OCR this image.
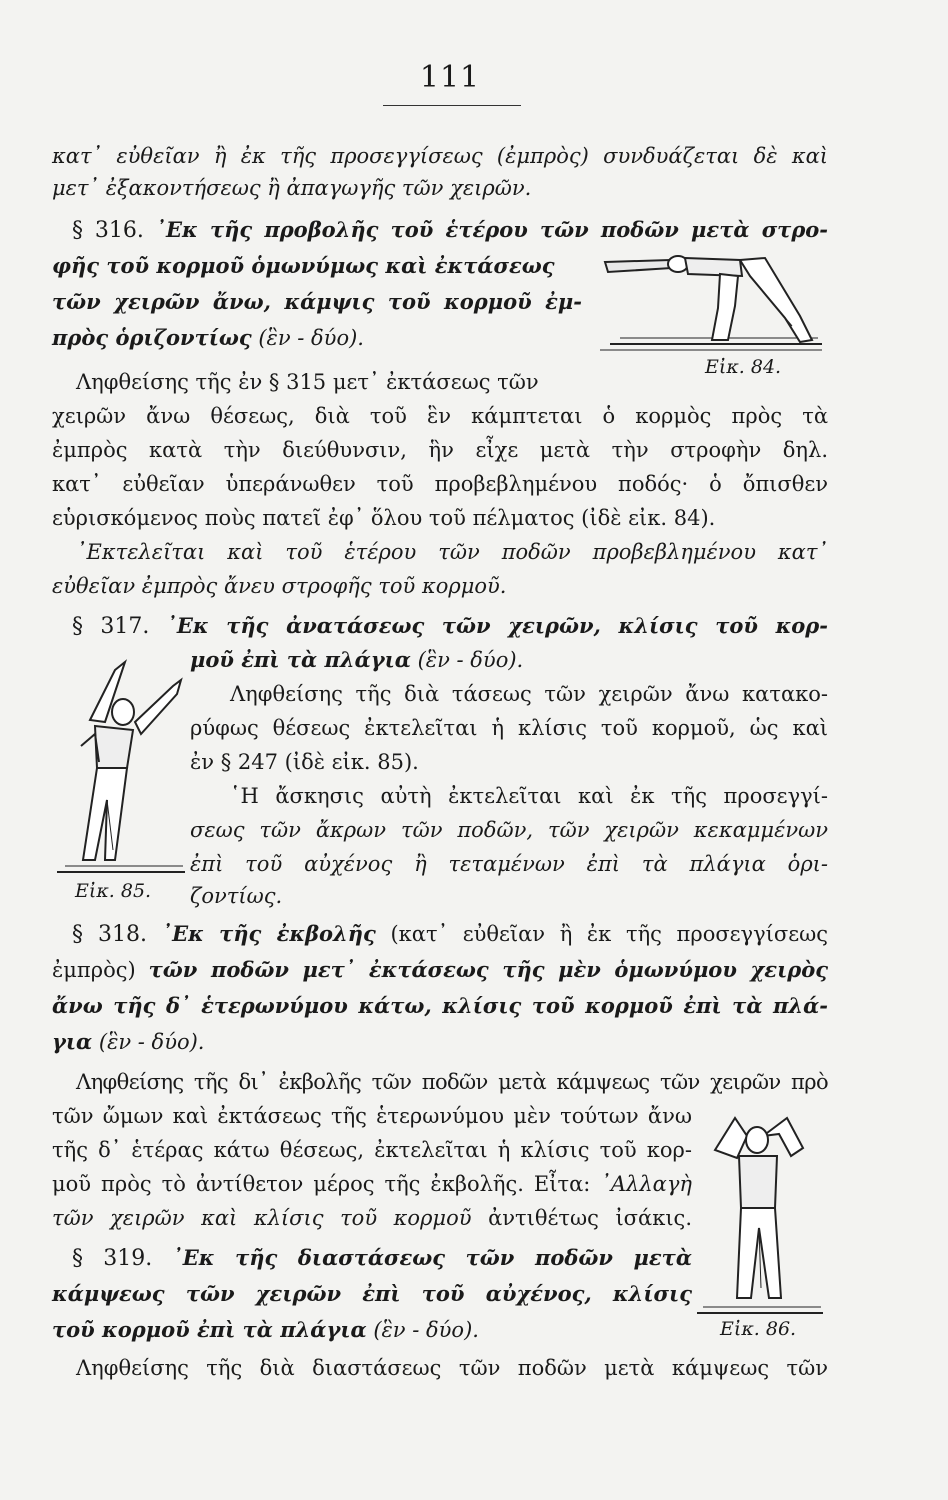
111
κατ᾽ εὐθεῖαν ἢ ἐκ τῆς προσεγγίσεως (ἐμπρὸς) συνδυάζεται δὲ καὶ
μετ᾽ ἐξακοντήσεως ἢ ἀπαγωγῆς τῶν χειρῶν.
§ 316. ᾿Εκ τῆς προβολῆς τοῦ ἑτέρου τῶν ποδῶν μετὰ στρο-
φῆς τοῦ κορμοῦ ὁμωνύμως καὶ ἐκτάσεως
τῶν χειρῶν ἄνω, κάμψις τοῦ κορμοῦ ἐμ-
πρὸς ὁριζοντίως (ἓν - δύο).
Εἰκ. 84.
Ληφθείσης τῆς ἐν § 315 μετ᾽ ἐκτάσεως τῶν
χειρῶν ἄνω θέσεως, διὰ τοῦ ἓν κάμπτεται ὁ κορμὸς πρὸς τὰ
ἐμπρὸς κατὰ τὴν διεύθυνσιν, ἣν εἶχε μετὰ τὴν στροφὴν δηλ.
κατ᾽ εὐθεῖαν ὑπεράνωθεν τοῦ προβεβλημένου ποδός· ὁ ὄπισθεν
εὑρισκόμενος ποὺς πατεῖ ἐφ᾽ ὅλου τοῦ πέλματος (ἰδὲ εἰκ. 84).
᾿Εκτελεῖται καὶ τοῦ ἑτέρου τῶν ποδῶν προβεβλημένου κατ᾽
εὐθεῖαν ἐμπρὸς ἄνευ στροφῆς τοῦ κορμοῦ.
§ 317. ᾿Εκ τῆς ἀνατάσεως τῶν χειρῶν, κλίσις τοῦ κορ-
μοῦ ἐπὶ τὰ πλάγια (ἓν - δύο).
Εἰκ. 85.
Ληφθείσης τῆς διὰ τάσεως τῶν χειρῶν ἄνω κατακο-
ρύφως θέσεως ἐκτελεῖται ἡ κλίσις τοῦ κορμοῦ, ὡς καὶ
ἐν § 247 (ἰδὲ εἰκ. 85).
῾Η ἄσκησις αὐτὴ ἐκτελεῖται καὶ ἐκ τῆς προσεγγί-
σεως τῶν ἄκρων τῶν ποδῶν, τῶν χειρῶν κεκαμμένων
ἐπὶ τοῦ αὐχένος ἢ τεταμένων ἐπὶ τὰ πλάγια ὁρι-
ζοντίως.
§ 318. ᾿Εκ τῆς ἐκβολῆς (κατ᾽ εὐθεῖαν ἢ ἐκ τῆς προσεγγίσεως
ἐμπρὸς) τῶν ποδῶν μετ᾽ ἐκτάσεως τῆς μὲν ὁμωνύμου χειρὸς
ἄνω τῆς δ᾽ ἑτερωνύμου κάτω, κλίσις τοῦ κορμοῦ ἐπὶ τὰ πλά-
για (ἓν - δύο).
Ληφθείσης τῆς δι᾽ ἐκβολῆς τῶν ποδῶν μετὰ κάμψεως τῶν χειρῶν πρὸ
τῶν ὤμων καὶ ἐκτάσεως τῆς ἑτερωνύμου μὲν τούτων ἄνω
τῆς δ᾽ ἑτέρας κάτω θέσεως, ἐκτελεῖται ἡ κλίσις τοῦ κορ-
μοῦ πρὸς τὸ ἀντίθετον μέρος τῆς ἐκβολῆς. Εἶτα: ᾿Αλλαγὴ
τῶν χειρῶν καὶ κλίσις τοῦ κορμοῦ ἀντιθέτως ἰσάκις.
Εἰκ. 86.
§ 319. ᾿Εκ τῆς διαστάσεως τῶν ποδῶν μετὰ
κάμψεως τῶν χειρῶν ἐπὶ τοῦ αὐχένος, κλίσις
τοῦ κορμοῦ ἐπὶ τὰ πλάγια (ἓν - δύο).
Ληφθείσης τῆς διὰ διαστάσεως τῶν ποδῶν μετὰ κάμψεως τῶν
